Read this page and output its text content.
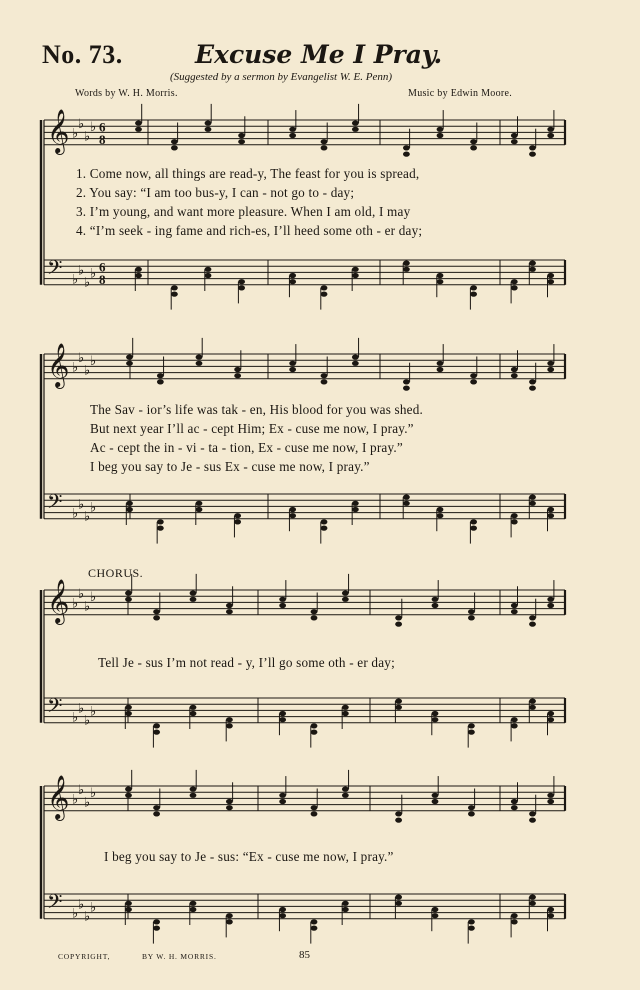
No. 73.	Excuse Me I Pray.
(Suggested by a sermon by Evangelist W. E. Penn)
Words by W. H. Morris.	Music by Edwin Moore.
𝄞 ♭
♭
♭
♭
𝄢 ♭
♭
♭
♭
6
8
6
8
𝄞 ♭
♭
♭
♭
𝄢 ♭
♭
♭
♭
𝄞 ♭
♭
♭
♭
𝄢 ♭
♭
♭
♭
𝄞 ♭
♭
♭
♭
𝄢 ♭
♭
♭
♭
1. Come now, all things are read-y, The feast for you is spread,
2. You say: “I am too bus-y, I can - not go to - day;
3. I’m young, and want more pleasure. When I am old, I may
4. “I’m seek - ing fame and rich-es, I’ll heed some oth - er day;
The Sav - ior’s life was tak - en, His blood for you was shed.
But next year I’ll ac - cept Him; Ex - cuse me now, I pray.”
Ac - cept the in - vi - ta - tion, Ex - cuse me now, I pray.”
I beg you say to Je - sus Ex - cuse me now, I pray.”
CHORUS.
Tell Je - sus I’m not read - y, I’ll go some oth - er day;
I beg you say to Je - sus: “Ex - cuse me now, I pray.”
COPYRIGHT,	BY W. H. MORRIS.	85
